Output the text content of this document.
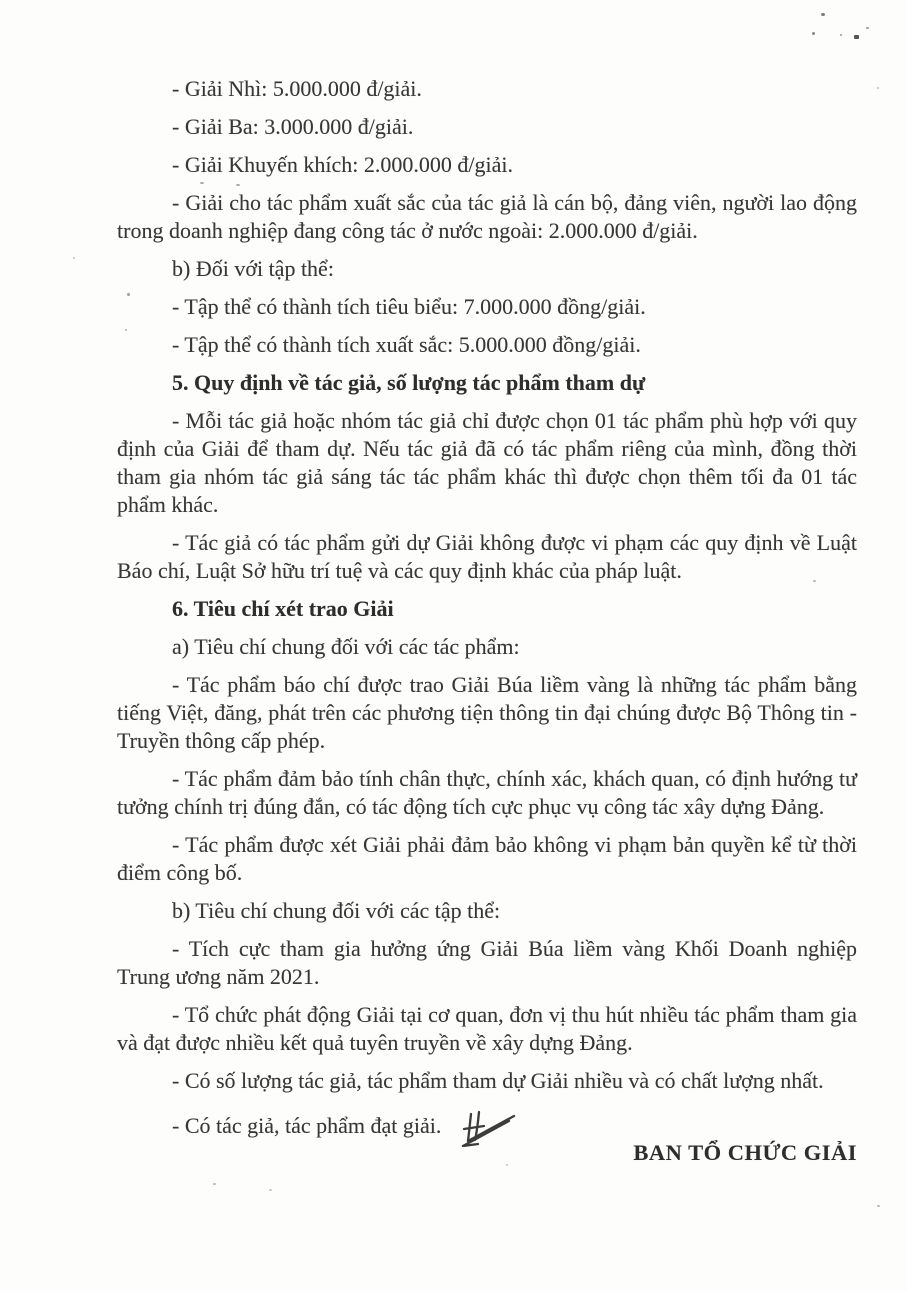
- Giải Nhì: 5.000.000 đ/giải.

- Giải Ba: 3.000.000 đ/giải.

- Giải Khuyến khích: 2.000.000 đ/giải.

- Giải cho tác phẩm xuất sắc của tác giả là cán bộ, đảng viên, người lao động trong doanh nghiệp đang công tác ở nước ngoài: 2.000.000 đ/giải.

b) Đối với tập thể:

- Tập thể có thành tích tiêu biểu: 7.000.000 đồng/giải.

- Tập thể có thành tích xuất sắc: 5.000.000 đồng/giải.

5. Quy định về tác giả, số lượng tác phẩm tham dự

- Mỗi tác giả hoặc nhóm tác giả chỉ được chọn 01 tác phẩm phù hợp với quy định của Giải để tham dự. Nếu tác giả đã có tác phẩm riêng của mình, đồng thời tham gia nhóm tác giả sáng tác tác phẩm khác thì được chọn thêm tối đa 01 tác phẩm khác.

- Tác giả có tác phẩm gửi dự Giải không được vi phạm các quy định về Luật Báo chí, Luật Sở hữu trí tuệ và các quy định khác của pháp luật.

6. Tiêu chí xét trao Giải

a) Tiêu chí chung đối với các tác phẩm:

- Tác phẩm báo chí được trao Giải Búa liềm vàng là những tác phẩm bằng tiếng Việt, đăng, phát trên các phương tiện thông tin đại chúng được Bộ Thông tin - Truyền thông cấp phép.

- Tác phẩm đảm bảo tính chân thực, chính xác, khách quan, có định hướng tư tưởng chính trị đúng đắn, có tác động tích cực phục vụ công tác xây dựng Đảng.

- Tác phẩm được xét Giải phải đảm bảo không vi phạm bản quyền kể từ thời điểm công bố.

b) Tiêu chí chung đối với các tập thể:

- Tích cực tham gia hưởng ứng Giải Búa liềm vàng Khối Doanh nghiệp Trung ương năm 2021.

- Tổ chức phát động Giải tại cơ quan, đơn vị thu hút nhiều tác phẩm tham gia và đạt được nhiều kết quả tuyên truyền về xây dựng Đảng.

- Có số lượng tác giả, tác phẩm tham dự Giải nhiều và có chất lượng nhất.

- Có tác giả, tác phẩm đạt giải.

BAN TỔ CHỨC GIẢI
